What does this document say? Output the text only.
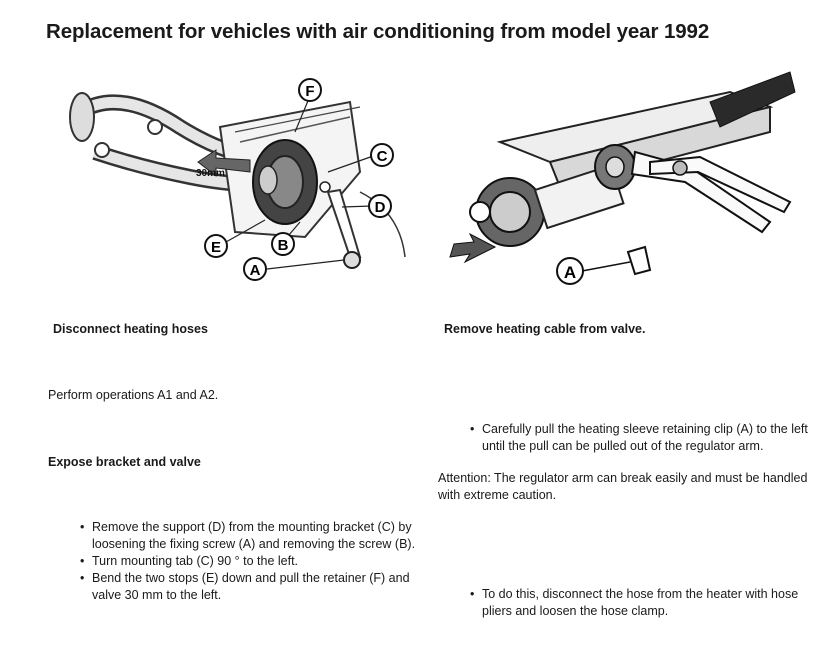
Replacement for vehicles with air conditioning from model year 1992
30mm
F
C
D
E	B
A	A
Disconnect heating hoses
Perform operations A1 and A2.
Expose bracket and valve
• Remove the support (D) from the mounting bracket (C) by loosening the fixing screw (A) and removing the screw (B).
• Turn mounting tab (C) 90 ° to the left.
• Bend the two stops (E) down and pull the retainer (F) and valve 30 mm to the left.
Remove heating cable from valve.
• Carefully pull the heating sleeve retaining clip (A) to the left until the pull can be pulled out of the regulator arm.
Attention: The regulator arm can break easily and must be handled with extreme caution.
• To do this, disconnect the hose from the heater with hose pliers and loosen the hose clamp.
